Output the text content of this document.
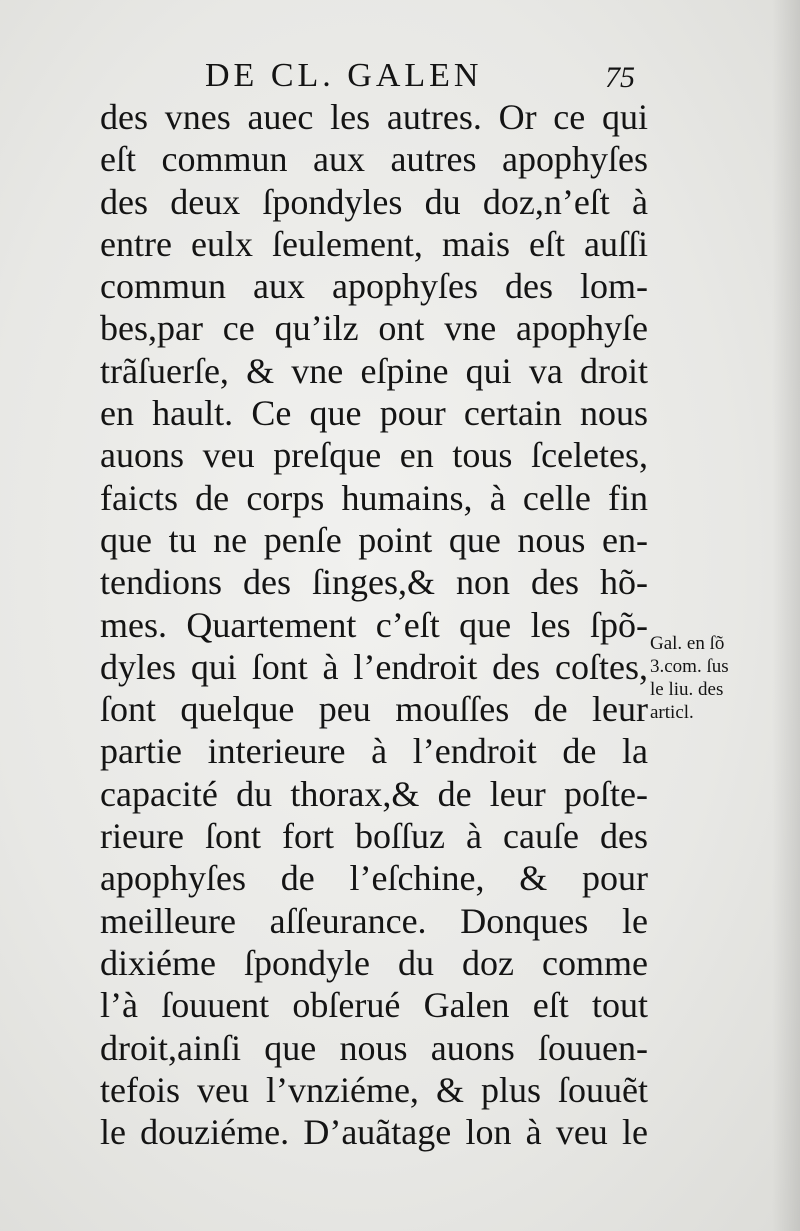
DE CL. GALEN	75
des vnes auec les autres. Or ce qui
eſt commun aux autres apophyſes
des deux ſpondyles du doz,n’eſt à
entre eulx ſeulement, mais eſt auſſi
commun aux apophyſes des lom-
bes,par ce qu’ilz ont vne apophyſe
trãſuerſe, & vne eſpine qui va droit
en hault. Ce que pour certain nous
auons veu preſque en tous ſceletes,
faicts de corps humains, à celle fin
que tu ne penſe point que nous en-
tendions des ſinges,& non des hõ-
mes. Quartement c’eſt que les ſpõ-
dyles qui ſont à l’endroit des coſtes,
ſont quelque peu mouſſes de leur
partie interieure à l’endroit de la
capacité du thorax,& de leur poſte-
rieure ſont fort boſſuz à cauſe des
apophyſes de l’eſchine, & pour
meilleure aſſeurance. Donques le
dixiéme ſpondyle du doz comme
l’à ſouuent obſerué Galen eſt tout
droit,ainſi que nous auons ſouuen-
tefois veu l’vnziéme, & plus ſouuẽt
le douziéme. D’auãtage lon à veu le
Gal. en ſõ
3.com. ſus
le liu. des
articl.
